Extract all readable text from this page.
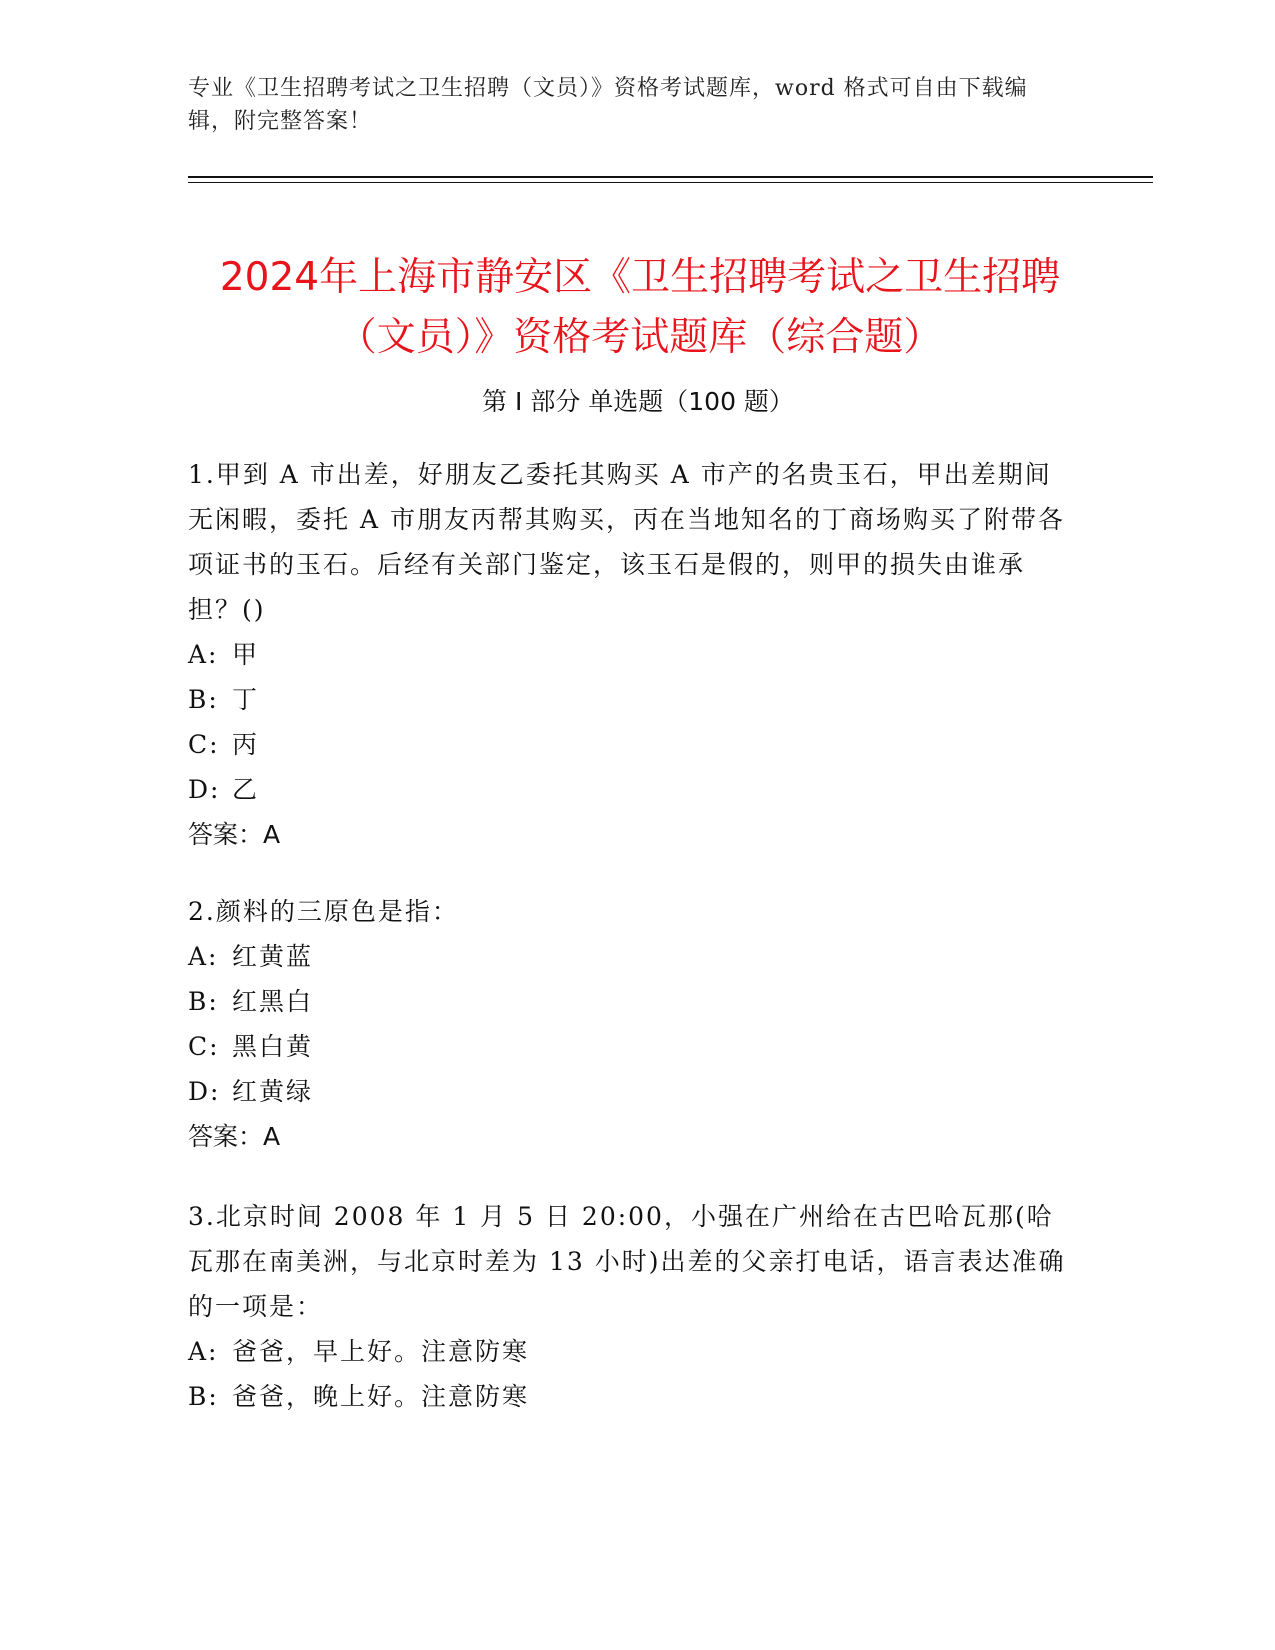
专业《卫生招聘考试之卫生招聘（文员）》资格考试题库，word 格式可自由下载编辑，附完整答案！
2024年上海市静安区《卫生招聘考试之卫生招聘（文员）》资格考试题库（综合题）
第 I 部分 单选题（100 题）

1.甲到 A 市出差，好朋友乙委托其购买 A 市产的名贵玉石，甲出差期间无闲暇，委托 A 市朋友丙帮其购买，丙在当地知名的丁商场购买了附带各项证书的玉石。后经有关部门鉴定，该玉石是假的，则甲的损失由谁承担？()

A: 甲
B: 丁
C: 丙
D: 乙
答案：A

2.颜料的三原色是指：

A: 红黄蓝
B: 红黑白
C: 黑白黄
D: 红黄绿
答案：A

3.北京时间 2008 年 1 月 5 日 20:00，小强在广州给在古巴哈瓦那(哈瓦那在南美洲，与北京时差为 13 小时)出差的父亲打电话，语言表达准确的一项是：

A: 爸爸，早上好。注意防寒
B: 爸爸，晚上好。注意防寒
